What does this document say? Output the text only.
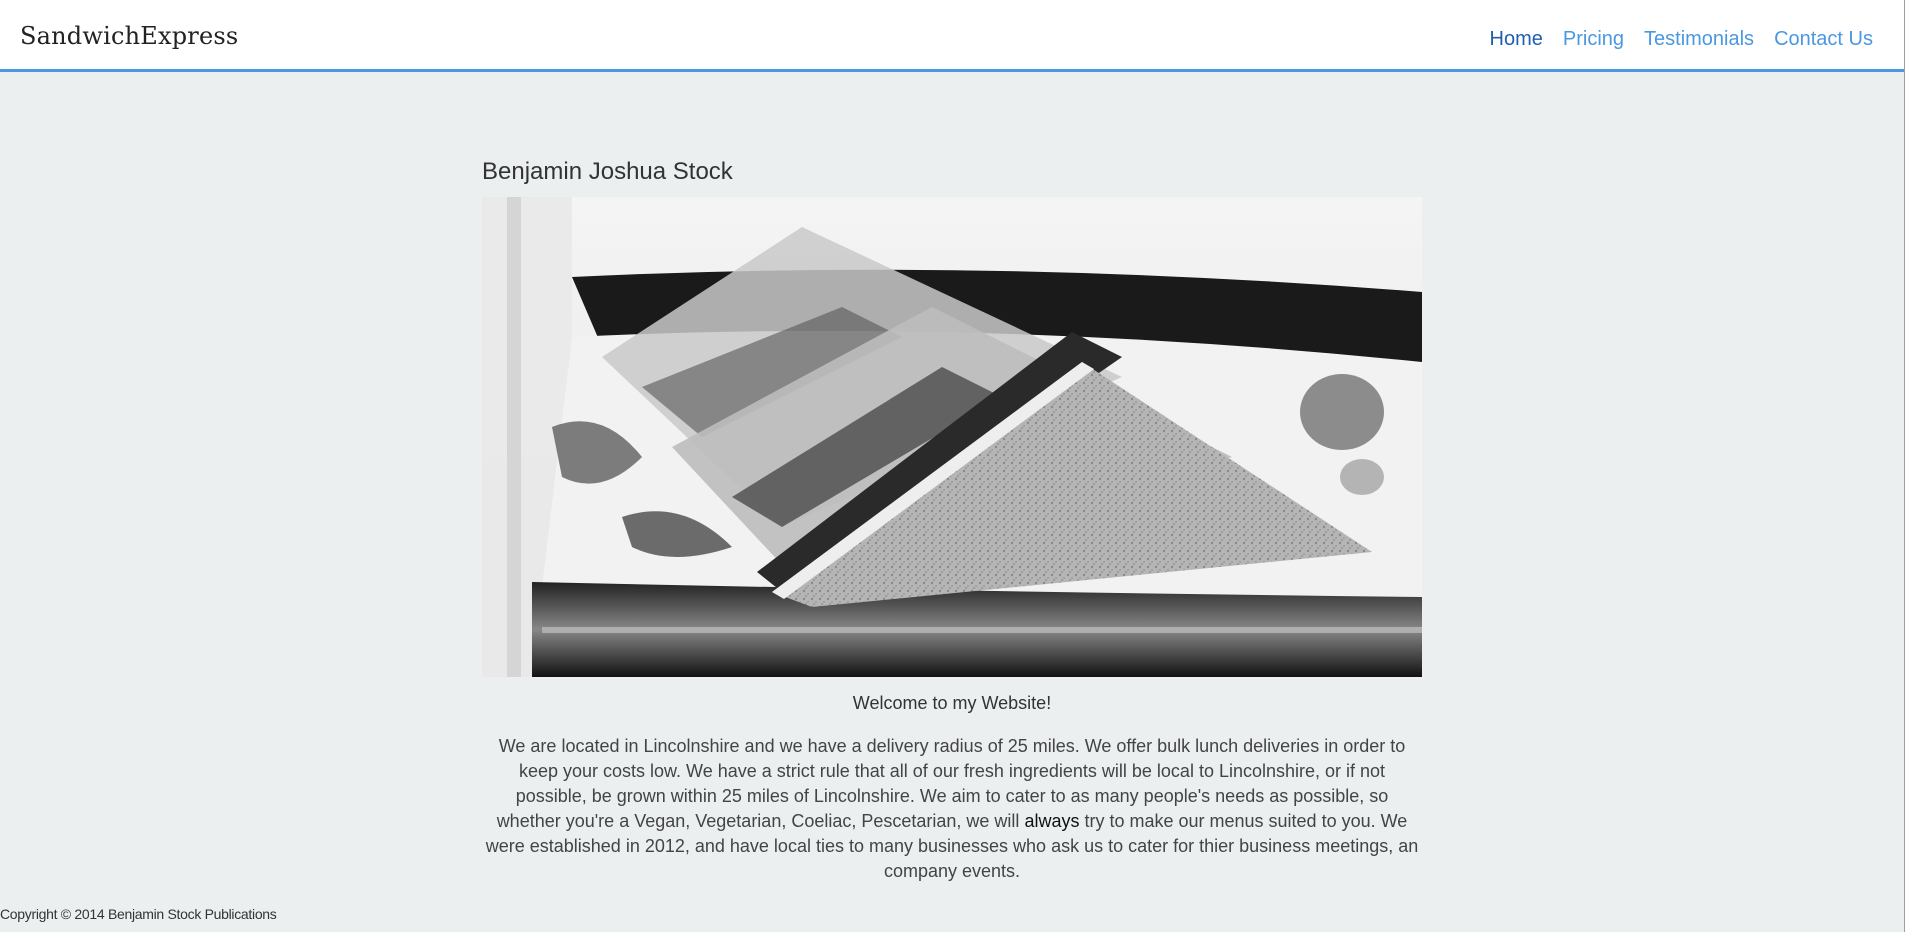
SandwichExpress	Home Pricing Testimonials Contact Us
Benjamin Joshua Stock
Welcome to my Website!

We are located in Lincolnshire and we have a delivery radius of 25 miles. We offer bulk lunch deliveries in order to keep your costs low. We have a strict rule that all of our fresh ingredients will be local to Lincolnshire, or if not possible, be grown within 25 miles of Lincolnshire. We aim to cater to as many people's needs as possible, so whether you're a Vegan, Vegetarian, Coeliac, Pescetarian, we will always try to make our menus suited to you. We were established in 2012, and have local ties to many businesses who ask us to cater for thier business meetings, an company events.

Copyright © 2014 Benjamin Stock Publications
